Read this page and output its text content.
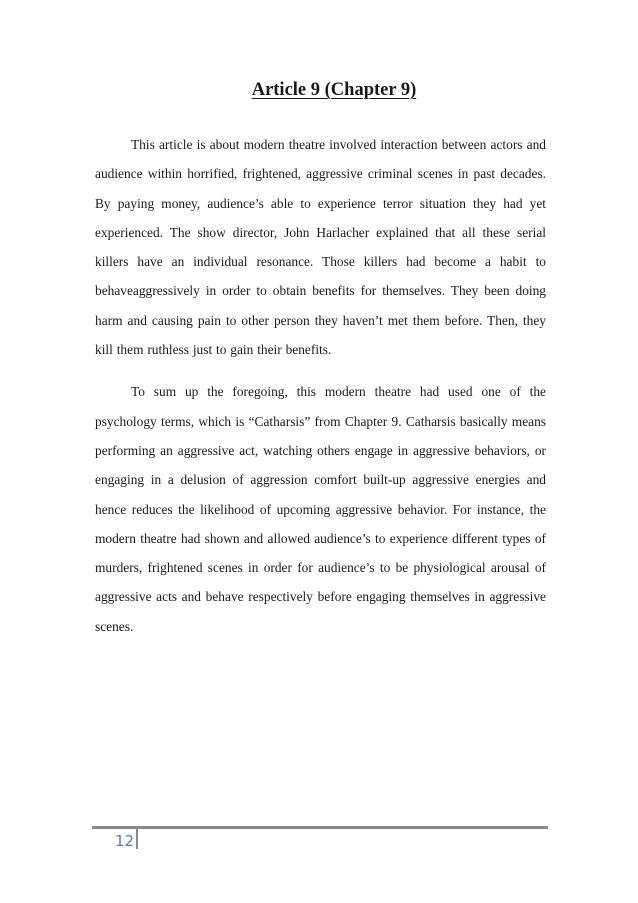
Article 9 (Chapter 9)

This article is about modern theatre involved interaction between actors and audience within horrified, frightened, aggressive criminal scenes in past decades. By paying money, audience’s able to experience terror situation they had yet experienced. The show director, John Harlacher explained that all these serial killers have an individual resonance. Those killers had become a habit to behaveaggressively in order to obtain benefits for themselves. They been doing harm and causing pain to other person they haven’t met them before. Then, they kill them ruthless just to gain their benefits.

To sum up the foregoing, this modern theatre had used one of the psychology terms, which is “Catharsis” from Chapter 9. Catharsis basically means performing an aggressive act, watching others engage in aggressive behaviors, or engaging in a delusion of aggression comfort built-up aggressive energies and hence reduces the likelihood of upcoming aggressive behavior. For instance, the modern theatre had shown and allowed audience’s to experience different types of murders, frightened scenes in order for audience’s to be physiological arousal of aggressive acts and behave respectively before engaging themselves in aggressive scenes.

12
